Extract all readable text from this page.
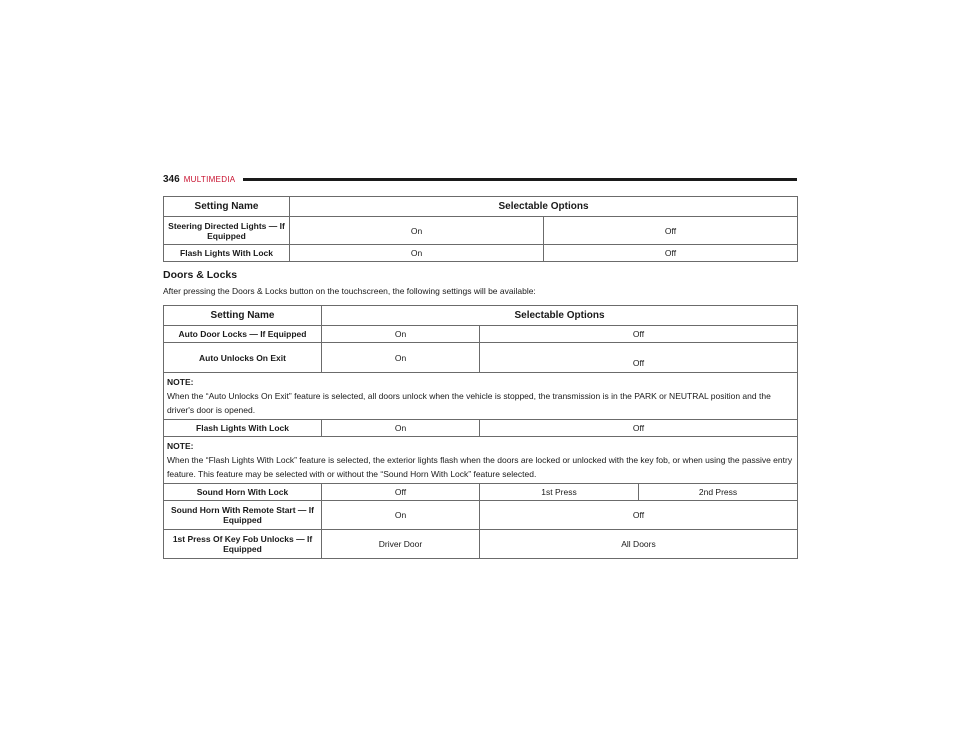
346 MULTIMEDIA
Setting Name	Selectable Options	
Steering Directed Lights — If Equipped	On	Off
Flash Lights With Lock	On	Off
Doors & Locks
After pressing the Doors & Locks button on the touchscreen, the following settings will be available:
Setting Name	Selectable Options		
Auto Door Locks — If Equipped	On	Off	
Auto Unlocks On Exit	On	Off	

NOTE:
When the “Auto Unlocks On Exit” feature is selected, all doors unlock when the vehicle is stopped, the transmission is in the PARK or NEUTRAL position and the driver's door is opened.			
Flash Lights With Lock	On	Off	

NOTE:
When the “Flash Lights With Lock” feature is selected, the exterior lights flash when the doors are locked or unlocked with the key fob, or when using the passive entry feature. This feature may be selected with or without the “Sound Horn With Lock” feature selected.			
Sound Horn With Lock	Off	1st Press	2nd Press
Sound Horn With Remote Start — If Equipped	On	Off	
1st Press Of Key Fob Unlocks — If Equipped	Driver Door	All Doors	
